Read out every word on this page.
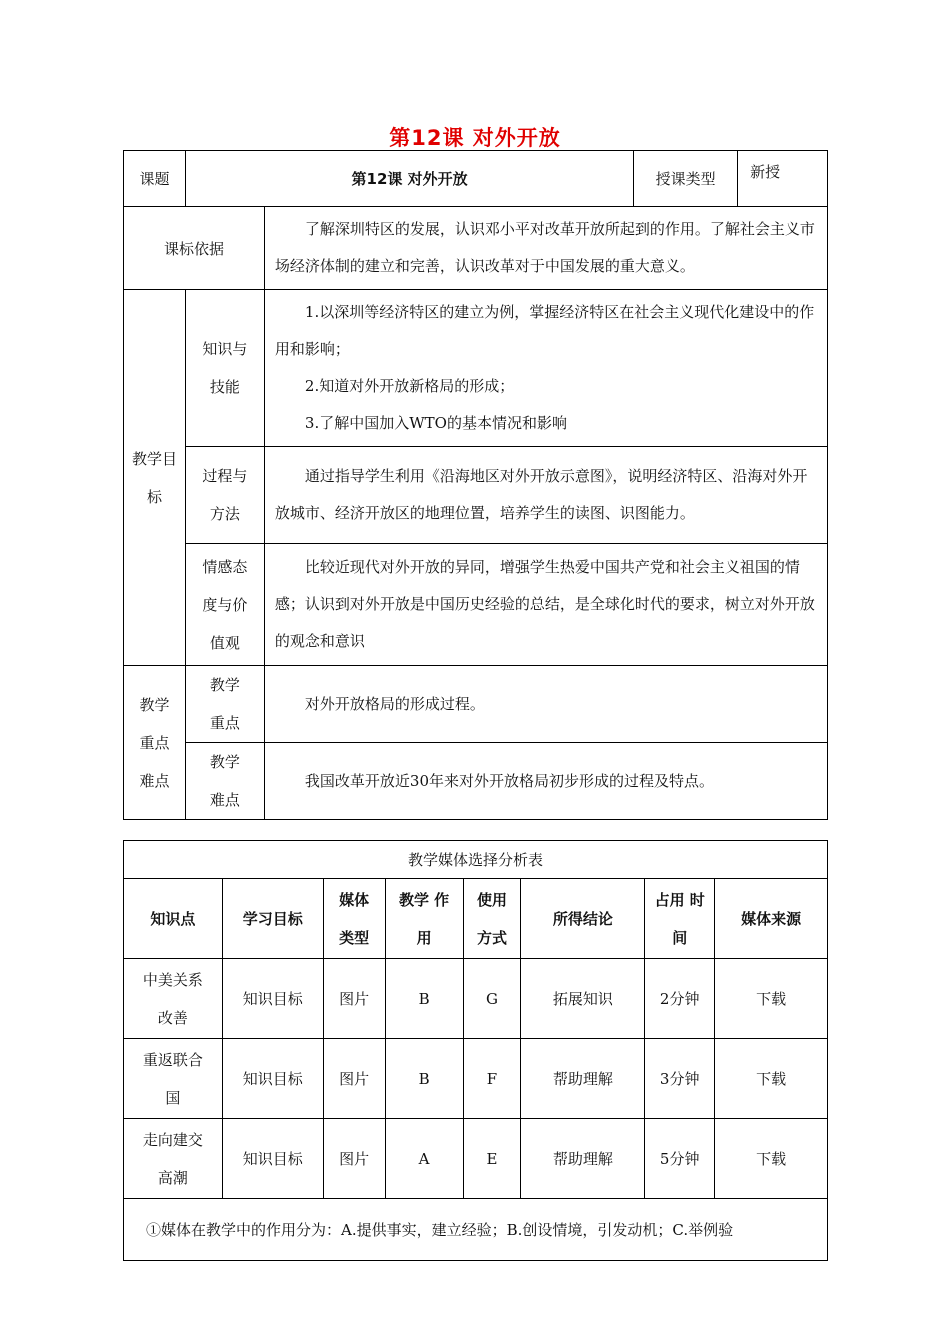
第12课 对外开放
课题	第12课 对外开放		授课类型	新授
课标依据		了解深圳特区的发展，认识邓小平对改革开放所起到的作用。了解社会主义市场经济体制的建立和完善，认识改革对于中国发展的重大意义。		
教学目标	知识与技能	1.以深圳等经济特区的建立为例，掌握经济特区在社会主义现代化建设中的作用和影响；

2.知道对外开放新格局的形成；

3.了解中国加入WTO的基本情况和影响		

	过程与方法	通过指导学生利用《沿海地区对外开放示意图》，说明经济特区、沿海对外开放城市、经济开放区的地理位置，培养学生的读图、识图能力。		
	情感态度与价值观	比较近现代对外开放的异同，增强学生热爱中国共产党和社会主义祖国的情感；认识到对外开放是中国历史经验的总结，是全球化时代的要求，树立对外开放的观念和意识		
教学重点难点	教学重点	对外开放格局的形成过程。		
	教学难点	我国改革开放近30年来对外开放格局初步形成的过程及特点。		
教学媒体选择分析表							
知识点	学习目标	媒体类型	教学 作用	使用方式	所得结论	占用 时间	媒体来源
中美关系改善	知识目标	图片	B	G	拓展知识	2分钟	下载
重返联合国	知识目标	图片	B	F	帮助理解	3分钟	下载
走向建交高潮	知识目标	图片	A	E	帮助理解	5分钟	下载
①媒体在教学中的作用分为：A.提供事实，建立经验；B.创设情境，引发动机；C.举例验							
